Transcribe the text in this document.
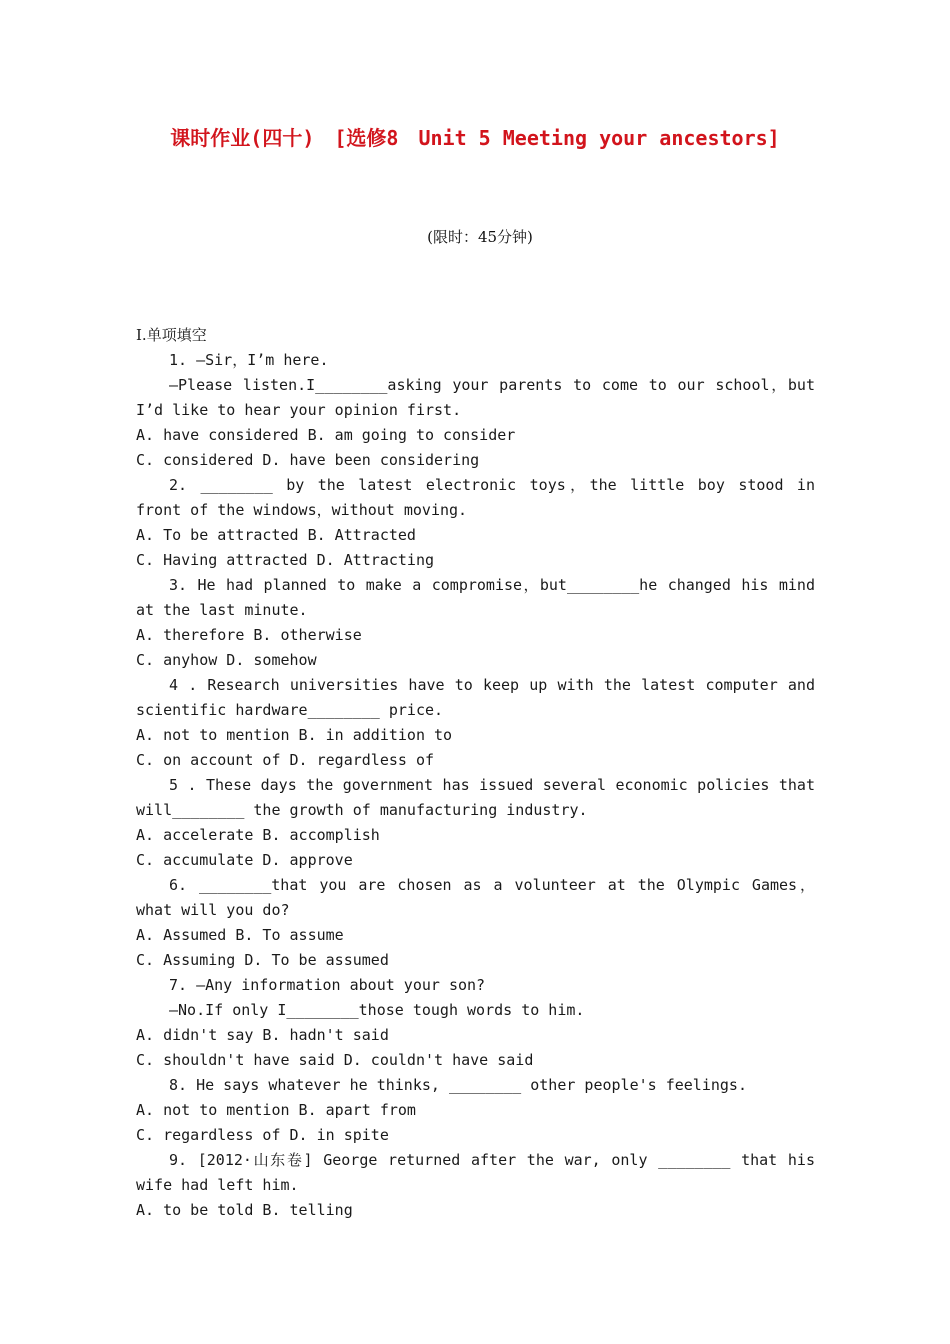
课时作业(四十)　[选修8　Unit 5 Meeting your ancestors]
(限时：45分钟)

Ⅰ.单项填空

1. —Sir，I’m here.

—Please listen.I________asking your parents to come to our school，but I’d like to hear your opinion first.

A. have considered B. am going to consider

C. considered D. have been considering

2. ________ by the latest electronic toys，the little boy stood in front of the windows，without moving.

A. To be attracted B. Attracted

C. Having attracted D. Attracting

3. He had planned to make a compromise，but________he changed his mind at the last minute.

A. therefore B. otherwise

C. anyhow D. somehow

4 . Research universities have to keep up with the latest computer and scientific hardware________ price.

A. not to mention B. in addition to

C. on account of D. regardless of

5 . These days the government has issued several economic policies that will________ the growth of manufacturing industry.

A. accelerate B. accomplish

C. accumulate D. approve

6. ________that you are chosen as a volunteer at the Olympic Games，what will you do?

A. Assumed B. To assume

C. Assuming D. To be assumed

7. —Any information about your son?

—No.If only I________those tough words to him.

A. didn't say B. hadn't said

C. shouldn't have said D. couldn't have said

8. He says whatever he thinks, ________ other people's feelings.

A. not to mention B. apart from

C. regardless of D. in spite

9. [2012·山东卷] George returned after the war, only ________ that his wife had left him.

A. to be told B. telling
